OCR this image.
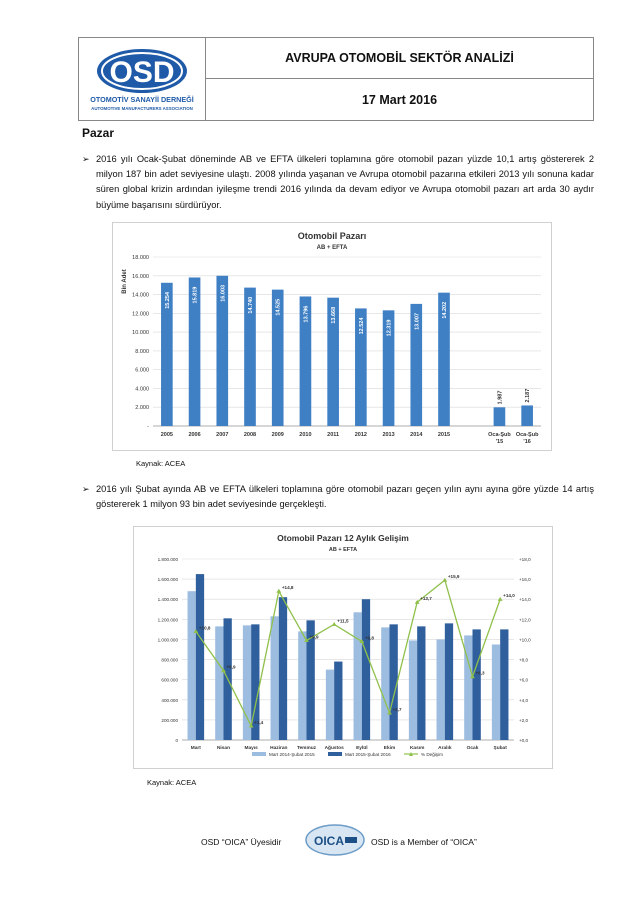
OSD
OTOMOTİV SANAYİİ DERNEĞİ
AUTOMOTIVE MANUFACTURERS ASSOCIATION
AVRUPA OTOMOBİL SEKTÖR ANALİZİ
17 Mart 2016
Pazar
➢ 2016 yılı Ocak-Şubat döneminde AB ve EFTA ülkeleri toplamına göre otomobil pazarı yüzde 10,1 artış göstererek 2 milyon 187 bin adet seviyesine ulaştı. 2008 yılında yaşanan ve Avrupa otomobil pazarına etkileri 2013 yılı sonuna kadar süren global krizin ardından iyileşme trendi 2016 yılında da devam ediyor ve Avrupa otomobil pazarı art arda 30 aydır büyüme başarısını sürdürüyor.
Otomobil Pazarı
AB + EFTA
Bin Adet
-
2.000
4.000
6.000
8.000
10.000
12.000
14.000
16.000
18.000
2005
15.254
2006
15.819
2007
16.003
2008
14.740
2009
14.525
2010
13.796
2011
13.668
2012
12.524
2013
12.319
2014
13.007
2015
14.202
Oca-Şub
'15
1.987
Oca-Şub
'16
2.187
Kaynak: ACEA
➢ 2016 yılı Şubat ayında AB ve EFTA ülkeleri toplamına göre otomobil pazarı geçen yılın aynı ayına göre yüzde 14 artış göstererek 1 milyon 93 bin adet seviyesinde gerçekleşti.
Otomobil Pazarı 12 Aylık Gelişim
AB + EFTA
0
200.000
400.000
600.000
800.000
1.000.000
1.200.000
1.400.000
1.600.000
1.800.000
+0,0
+2,0
+4,0
+6,0
+8,0
+10,0
+12,0
+14,0
+16,0
+18,0
Mart	Nisan	Mayıs	Haziran Temmuz Ağustos	Eylül	Ekim	Kasım	Aralık	Ocak	Şubat
+10,8
+6,9
+1,4
+14,8
+9,9
+11,5
+9,8
+2,7
+13,7
+15,9
+6,3
+14,0
Mart 2014-Şubat 2015	Mart 2015-Şubat 2016	% Değişim
Kaynak: ACEA
OSD “OICA” Üyesidir	OICA	OSD is a Member of “OICA”
